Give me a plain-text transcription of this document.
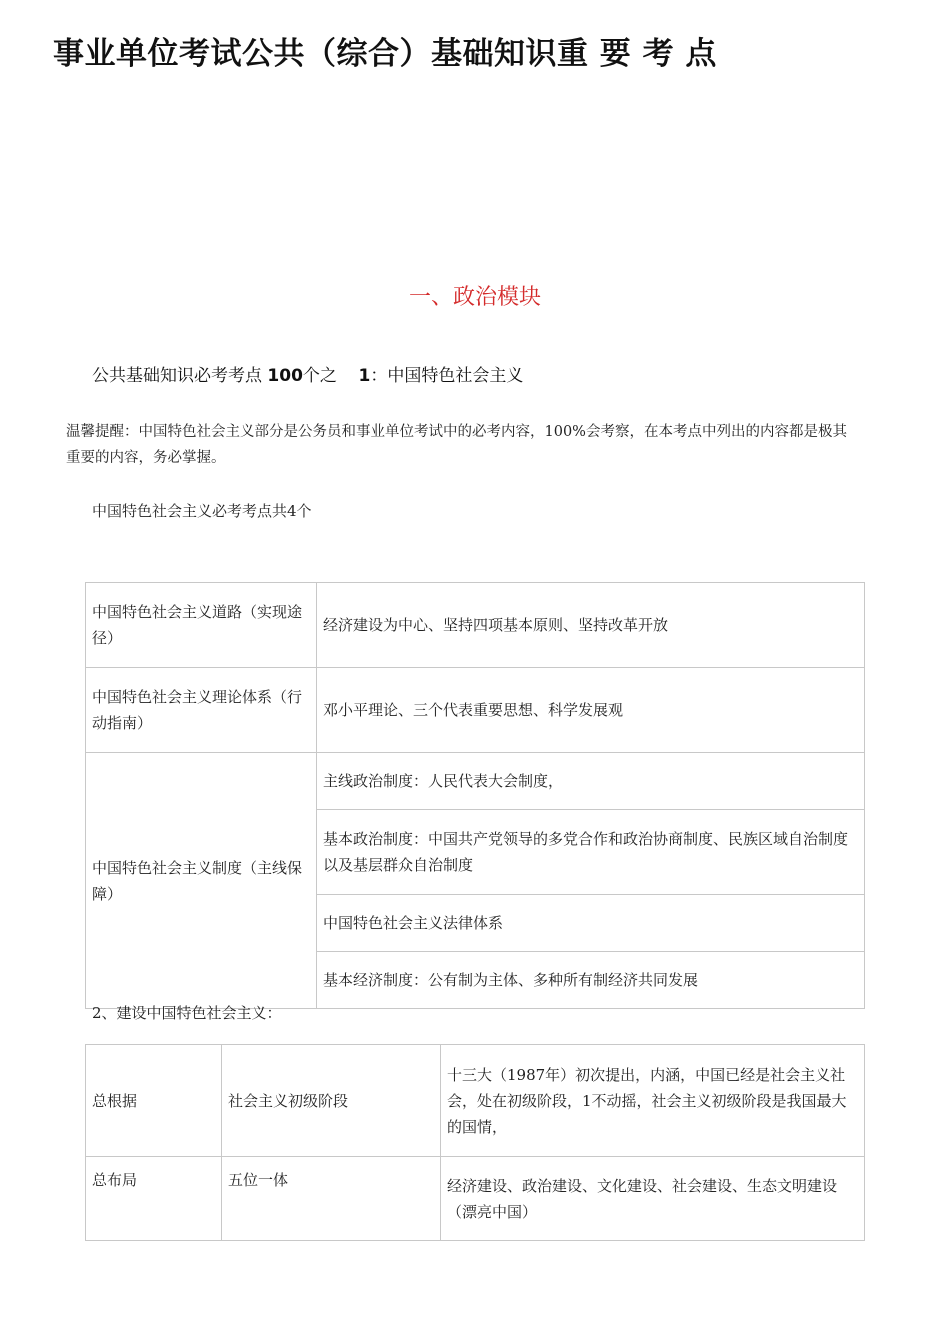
事业单位考试公共（综合）基础知识重 要 考 点
一、政治模块
公共基础知识必考考点 100个之 1：中国特色社会主义
温馨提醒：中国特色社会主义部分是公务员和事业单位考试中的必考内容，100%会考察，在本考点中列出的内容都是极其重要的内容，务必掌握。
中国特色社会主义必考考点共4个
中国特色社会主义道路（实现途径）	经济建设为中心、坚持四项基本原则、坚持改革开放
中国特色社会主义理论体系（行动指南）	邓小平理论、三个代表重要思想、科学发展观
中国特色社会主义制度（主线保障）	主线政治制度：人民代表大会制度，
	基本政治制度：中国共产党领导的多党合作和政治协商制度、民族区域自治制度以及基层群众自治制度
	中国特色社会主义法律体系
	基本经济制度：公有制为主体、多种所有制经济共同发展
2、建设中国特色社会主义：
总根据	社会主义初级阶段	十三大（1987年）初次提出，内涵，中国已经是社会主义社会，处在初级阶段，1不动摇，社会主义初级阶段是我国最大的国情，
总布局	五位一体	经济建设、政治建设、文化建设、社会建设、生态文明建设（漂亮中国）
